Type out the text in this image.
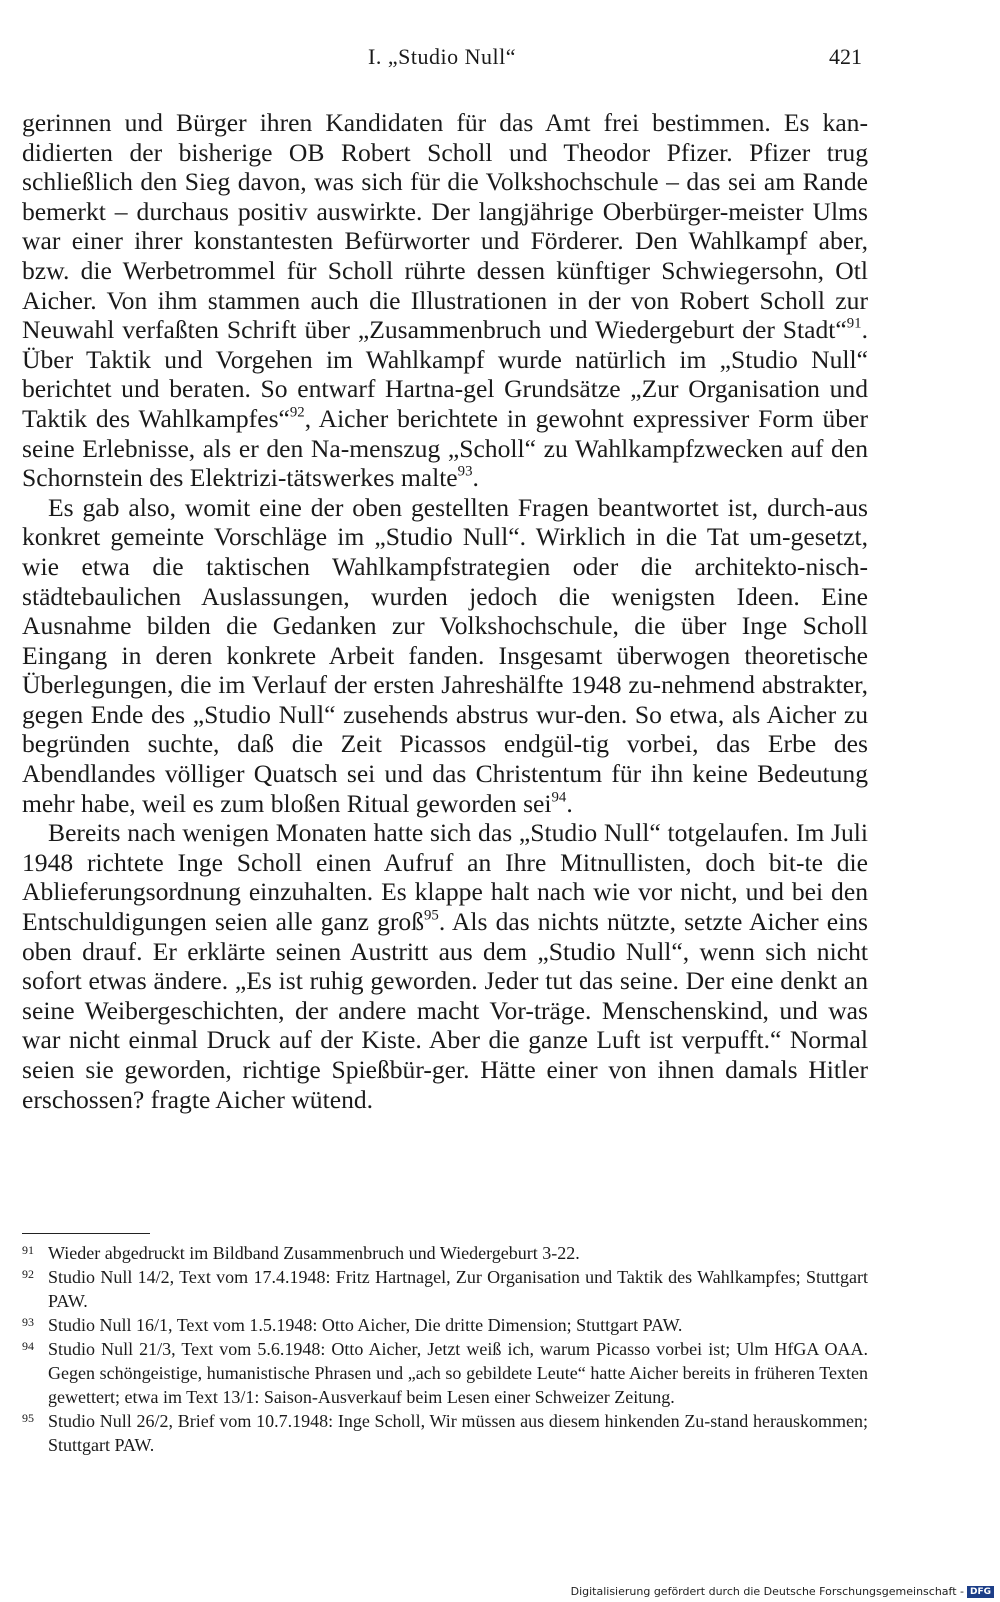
I. „Studio Null“	421

gerinnen und Bürger ihren Kandidaten für das Amt frei bestimmen. Es kan-didierten der bisherige OB Robert Scholl und Theodor Pfizer. Pfizer trug schließlich den Sieg davon, was sich für die Volkshochschule – das sei am Rande bemerkt – durchaus positiv auswirkte. Der langjährige Oberbürger-meister Ulms war einer ihrer konstantesten Befürworter und Förderer. Den Wahlkampf aber, bzw. die Werbetrommel für Scholl rührte dessen künftiger Schwiegersohn, Otl Aicher. Von ihm stammen auch die Illustrationen in der von Robert Scholl zur Neuwahl verfaßten Schrift über „Zusammenbruch und Wiedergeburt der Stadt“$^{91}$. Über Taktik und Vorgehen im Wahlkampf wurde natürlich im „Studio Null“ berichtet und beraten. So entwarf Hartna-gel Grundsätze „Zur Organisation und Taktik des Wahlkampfes“$^{92}$, Aicher berichtete in gewohnt expressiver Form über seine Erlebnisse, als er den Na-menszug „Scholl“ zu Wahlkampfzwecken auf den Schornstein des Elektrizi-tätswerkes malte$^{93}$.

Es gab also, womit eine der oben gestellten Fragen beantwortet ist, durch-aus konkret gemeinte Vorschläge im „Studio Null“. Wirklich in die Tat um-gesetzt, wie etwa die taktischen Wahlkampfstrategien oder die architekto-nisch-städtebaulichen Auslassungen, wurden jedoch die wenigsten Ideen. Eine Ausnahme bilden die Gedanken zur Volkshochschule, die über Inge Scholl Eingang in deren konkrete Arbeit fanden. Insgesamt überwogen theoretische Überlegungen, die im Verlauf der ersten Jahreshälfte 1948 zu-nehmend abstrakter, gegen Ende des „Studio Null“ zusehends abstrus wur-den. So etwa, als Aicher zu begründen suchte, daß die Zeit Picassos endgül-tig vorbei, das Erbe des Abendlandes völliger Quatsch sei und das Christentum für ihn keine Bedeutung mehr habe, weil es zum bloßen Ritual geworden sei$^{94}$.

Bereits nach wenigen Monaten hatte sich das „Studio Null“ totgelaufen. Im Juli 1948 richtete Inge Scholl einen Aufruf an Ihre Mitnullisten, doch bit-te die Ablieferungsordnung einzuhalten. Es klappe halt nach wie vor nicht, und bei den Entschuldigungen seien alle ganz groß$^{95}$. Als das nichts nützte, setzte Aicher eins oben drauf. Er erklärte seinen Austritt aus dem „Studio Null“, wenn sich nicht sofort etwas ändere. „Es ist ruhig geworden. Jeder tut das seine. Der eine denkt an seine Weibergeschichten, der andere macht Vor-träge. Menschenskind, und was war nicht einmal Druck auf der Kiste. Aber die ganze Luft ist verpufft.“ Normal seien sie geworden, richtige Spießbür-ger. Hätte einer von ihnen damals Hitler erschossen? fragte Aicher wütend.

91 Wieder abgedruckt im Bildband Zusammenbruch und Wiedergeburt 3-22.

92 Studio Null 14/2, Text vom 17.4.1948: Fritz Hartnagel, Zur Organisation und Taktik des Wahlkampfes; Stuttgart PAW.

93 Studio Null 16/1, Text vom 1.5.1948: Otto Aicher, Die dritte Dimension; Stuttgart PAW.

94 Studio Null 21/3, Text vom 5.6.1948: Otto Aicher, Jetzt weiß ich, warum Picasso vorbei ist; Ulm HfGA OAA. Gegen schöngeistige, humanistische Phrasen und „ach so gebildete Leute“ hatte Aicher bereits in früheren Texten gewettert; etwa im Text 13/1: Saison-Ausverkauf beim Lesen einer Schweizer Zeitung.

95 Studio Null 26/2, Brief vom 10.7.1948: Inge Scholl, Wir müssen aus diesem hinkenden Zu-stand herauskommen; Stuttgart PAW.

Digitalisierung gefördert durch die Deutsche Forschungsgemeinschaft - DFG
